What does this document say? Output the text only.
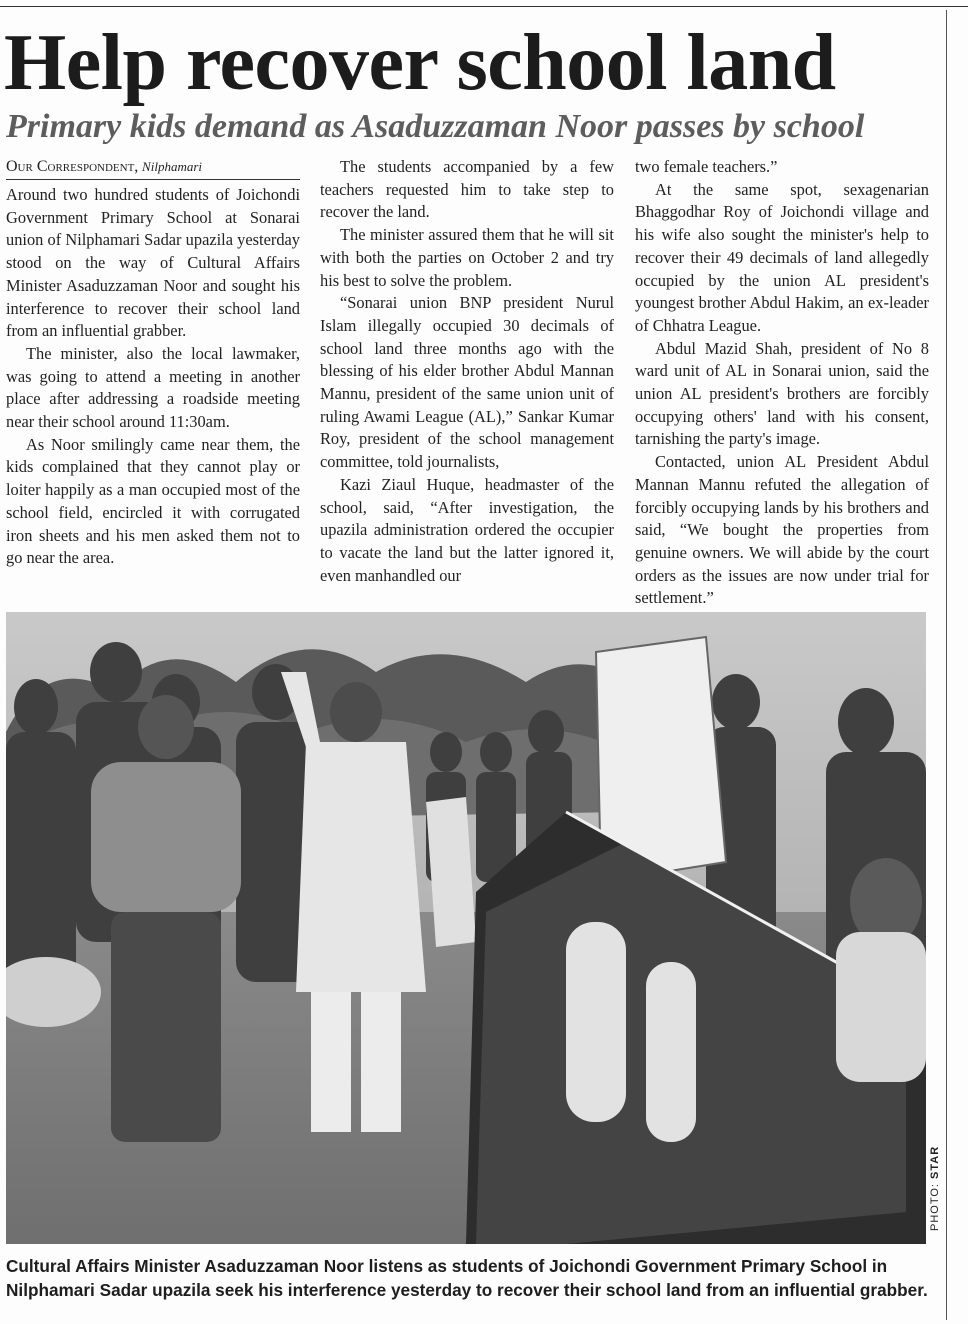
Help recover school land
Primary kids demand as Asaduzzaman Noor passes by school
Our Correspondent, Nilphamari

Around two hundred students of Joichondi Government Primary School at Sonarai union of Nilphamari Sadar upazila yesterday stood on the way of Cultural Affairs Minister Asaduzzaman Noor and sought his interference to recover their school land from an influential grabber.

The minister, also the local lawmaker, was going to attend a meeting in another place after addressing a roadside meeting near their school around 11:30am.

As Noor smilingly came near them, the kids complained that they cannot play or loiter happily as a man occupied most of the school field, encircled it with corrugated iron sheets and his men asked them not to go near the area.

The students accompanied by a few teachers requested him to take step to recover the land.

The minister assured them that he will sit with both the parties on October 2 and try his best to solve the problem.

“Sonarai union BNP president Nurul Islam illegally occupied 30 decimals of school land three months ago with the blessing of his elder brother Abdul Mannan Mannu, president of the same union unit of ruling Awami League (AL),” Sankar Kumar Roy, president of the school management committee, told journalists,

Kazi Ziaul Huque, headmaster of the school, said, “After investigation, the upazila administration ordered the occupier to vacate the land but the latter ignored it, even manhandled our

two female teachers.”

At the same spot, sexagenarian Bhaggodhar Roy of Joichondi village and his wife also sought the minister's help to recover their 49 decimals of land allegedly occupied by the union AL president's youngest brother Abdul Hakim, an ex-leader of Chhatra League.

Abdul Mazid Shah, president of No 8 ward unit of AL in Sonarai union, said the union AL president's brothers are forcibly occupying others' land with his consent, tarnishing the party's image.

Contacted, union AL President Abdul Mannan Mannu refuted the allegation of forcibly occupying lands by his brothers and said, “We bought the properties from genuine owners. We will abide by the court orders as the issues are now under trial for settlement.”

PHOTO: STAR

Cultural Affairs Minister Asaduzzaman Noor listens as students of Joichondi Government Primary School in Nilphamari Sadar upazila seek his interference yesterday to recover their school land from an influential grabber.
